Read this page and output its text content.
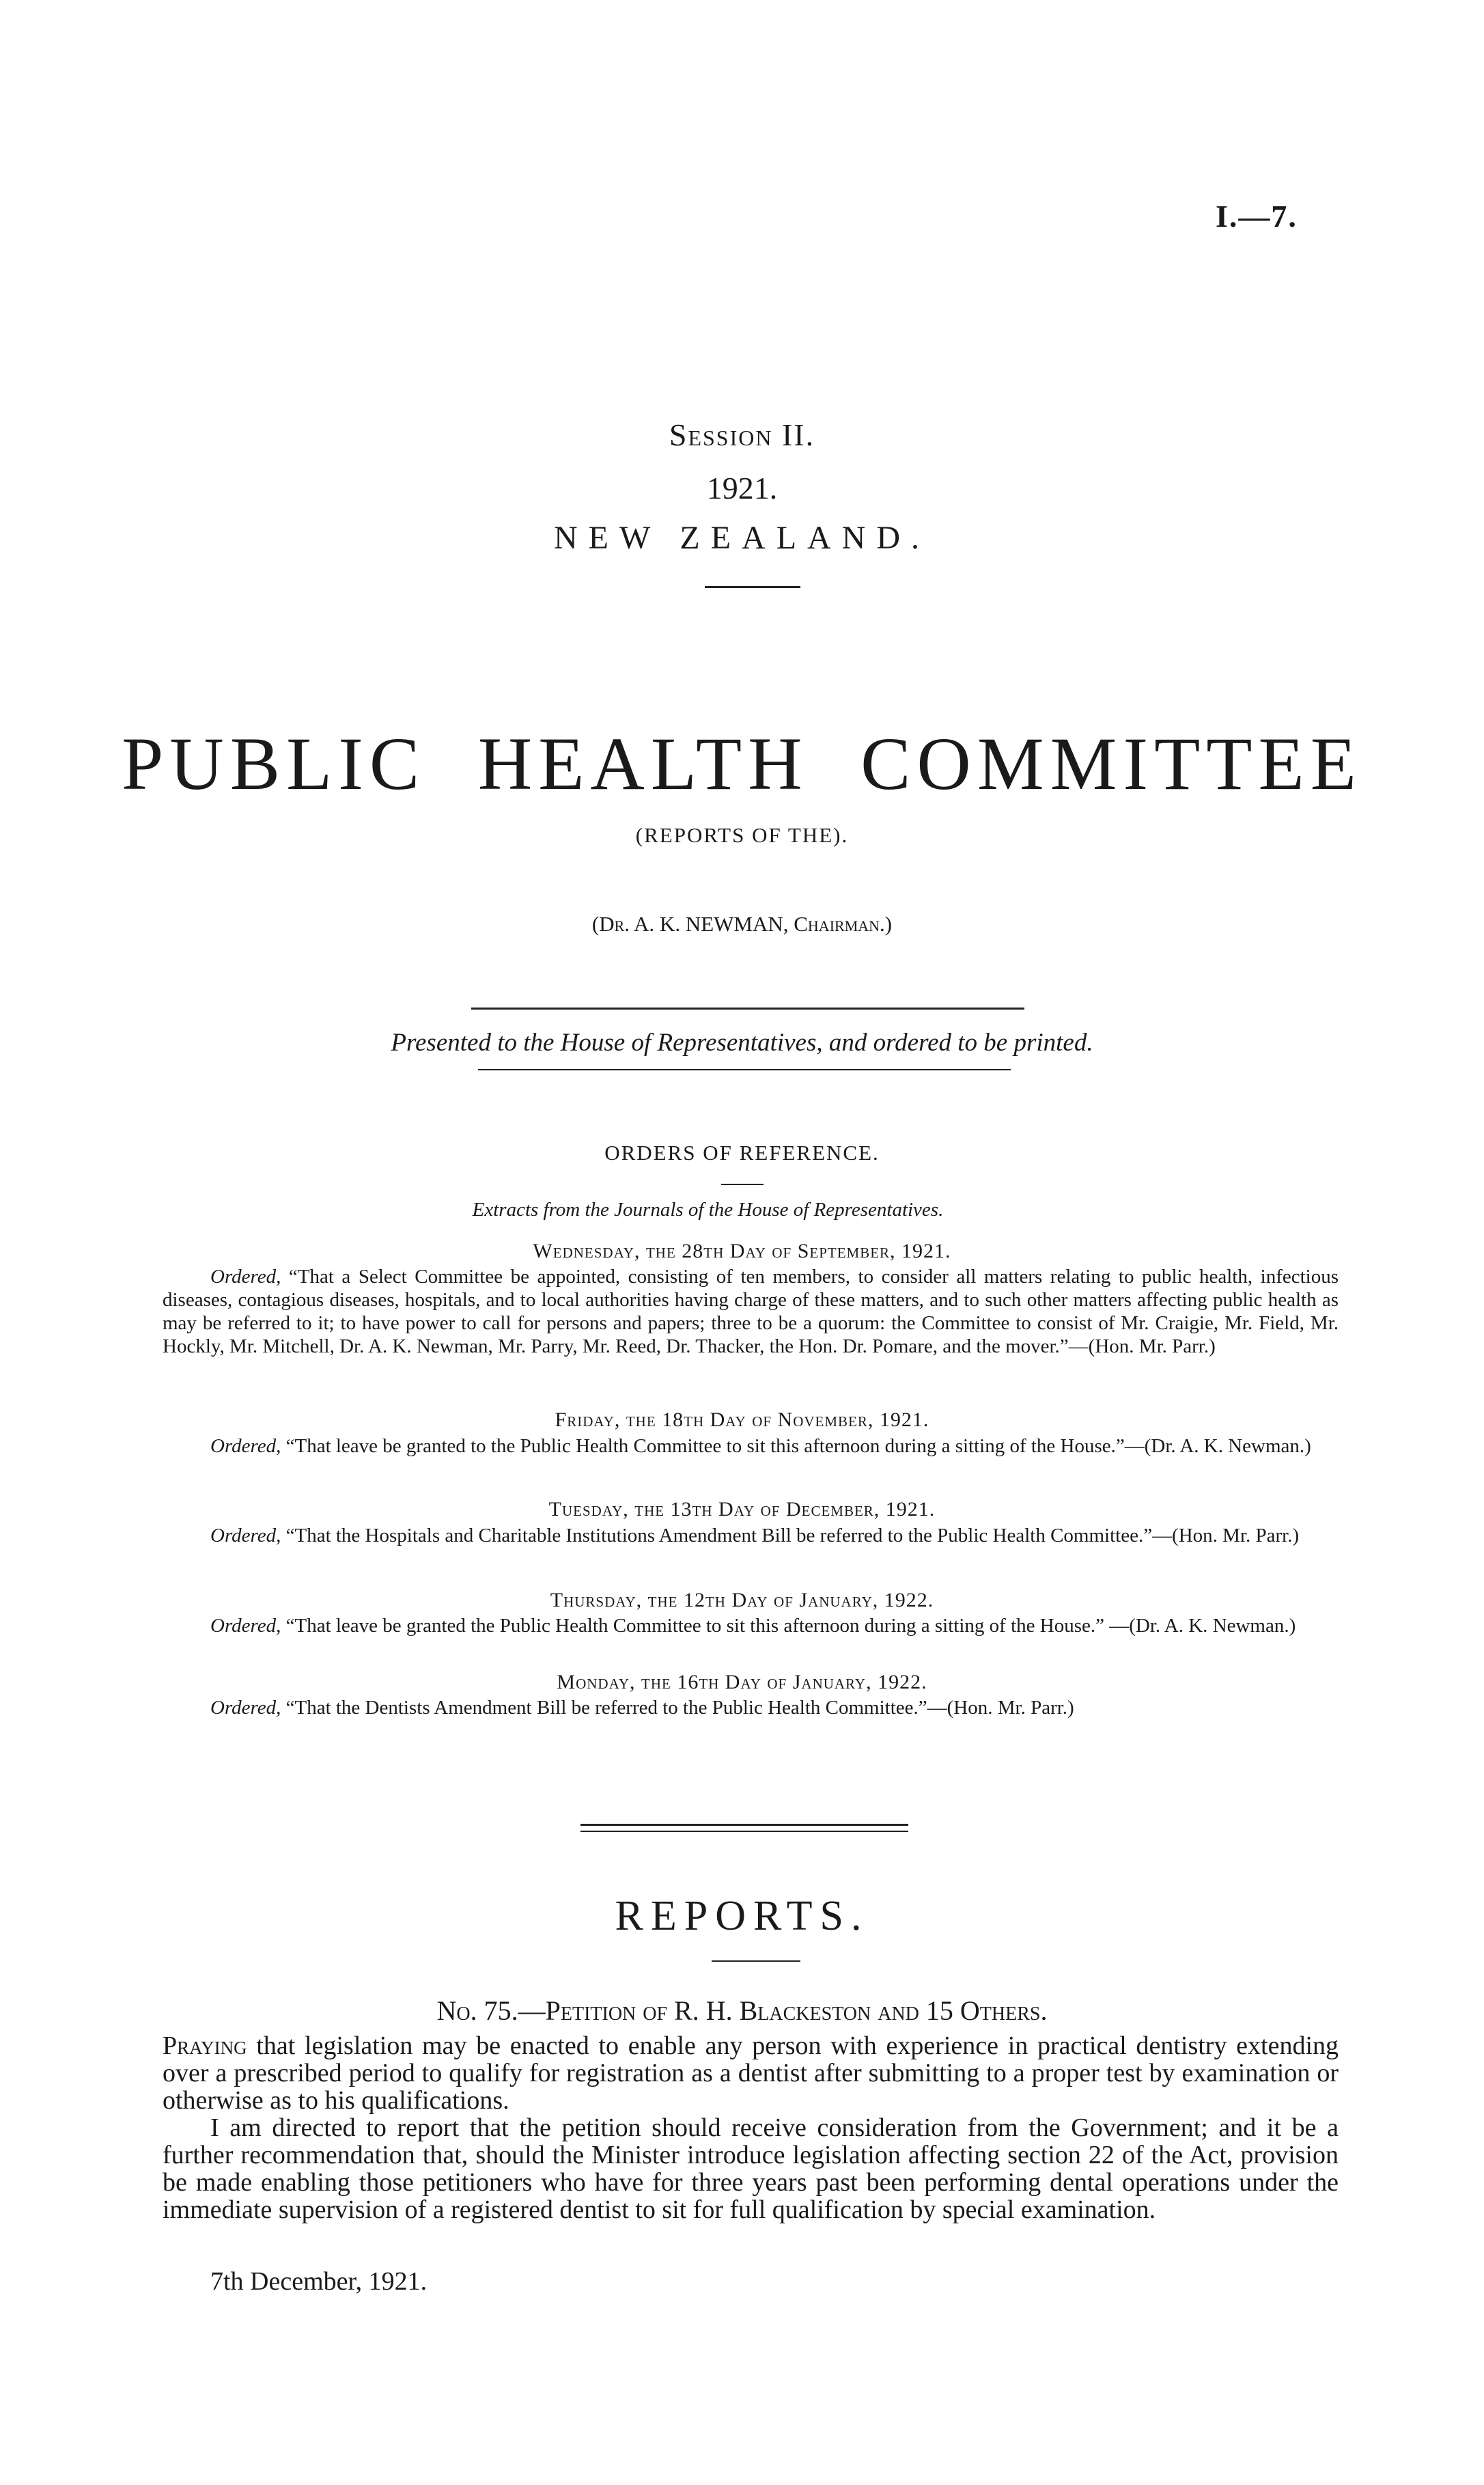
I.—7.
Session II.
1921.
NEW ZEALAND.
PUBLIC HEALTH COMMITTEE
(REPORTS OF THE).
(Dr. A. K. NEWMAN, Chairman.)
Presented to the House of Representatives, and ordered to be printed.
ORDERS OF REFERENCE.
Extracts from the Journals of the House of Representatives.
Wednesday, the 28th Day of September, 1921.
Ordered, “That a Select Committee be appointed, consisting of ten members, to consider all matters relating to public health, infectious diseases, contagious diseases, hospitals, and to local authorities having charge of these matters, and to such other matters affecting public health as may be referred to it; to have power to call for persons and papers; three to be a quorum: the Committee to consist of Mr. Craigie, Mr. Field, Mr. Hockly, Mr. Mitchell, Dr. A. K. Newman, Mr. Parry, Mr. Reed, Dr. Thacker, the Hon. Dr. Pomare, and the mover.”—(Hon. Mr. Parr.)
Friday, the 18th Day of November, 1921.
Ordered, “That leave be granted to the Public Health Committee to sit this afternoon during a sitting of the House.”—(Dr. A. K. Newman.)
Tuesday, the 13th Day of December, 1921.
Ordered, “That the Hospitals and Charitable Institutions Amendment Bill be referred to the Public Health Committee.”—(Hon. Mr. Parr.)
Thursday, the 12th Day of January, 1922.
Ordered, “That leave be granted the Public Health Committee to sit this afternoon during a sitting of the House.” —(Dr. A. K. Newman.)
Monday, the 16th Day of January, 1922.
Ordered, “That the Dentists Amendment Bill be referred to the Public Health Committee.”—(Hon. Mr. Parr.)
REPORTS.
No. 75.—Petition of R. H. Blackeston and 15 Others.
Praying that legislation may be enacted to enable any person with experience in practical dentistry extending over a prescribed period to qualify for registration as a dentist after submitting to a proper test by examination or otherwise as to his qualifications.
I am directed to report that the petition should receive consideration from the Government; and it be a further recommendation that, should the Minister introduce legislation affecting section 22 of the Act, provision be made enabling those petitioners who have for three years past been performing dental operations under the immediate supervision of a registered dentist to sit for full qualification by special examination.
7th December, 1921.
